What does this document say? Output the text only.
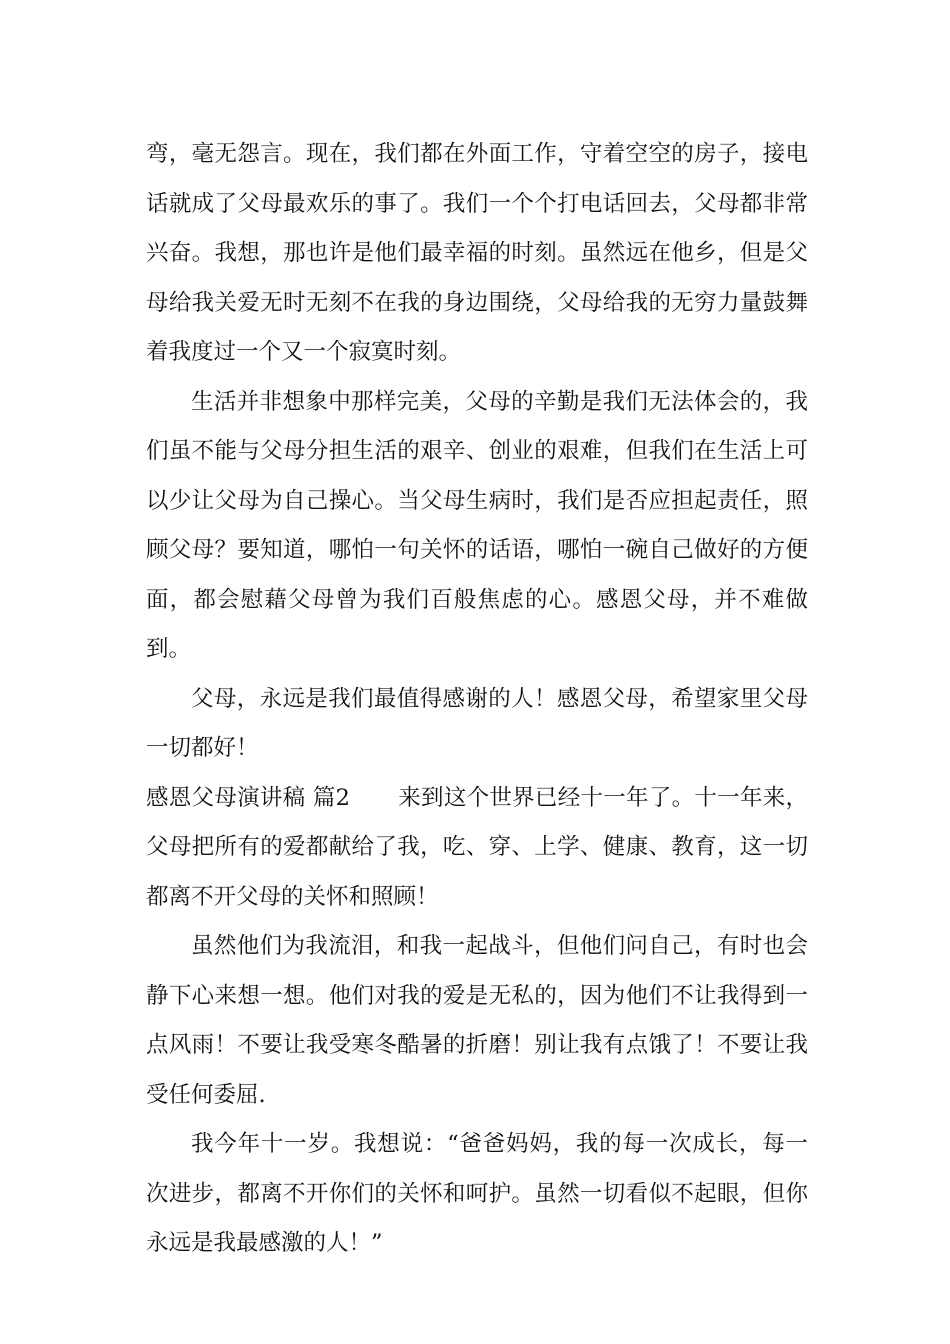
弯，毫无怨言。现在，我们都在外面工作，守着空空的房子，接电话就成了父母最欢乐的事了。我们一个个打电话回去，父母都非常兴奋。我想，那也许是他们最幸福的时刻。虽然远在他乡，但是父母给我关爱无时无刻不在我的身边围绕，父母给我的无穷力量鼓舞着我度过一个又一个寂寞时刻。

生活并非想象中那样完美，父母的辛勤是我们无法体会的，我们虽不能与父母分担生活的艰辛、创业的艰难，但我们在生活上可以少让父母为自己操心。当父母生病时，我们是否应担起责任，照顾父母？要知道，哪怕一句关怀的话语，哪怕一碗自己做好的方便面，都会慰藉父母曾为我们百般焦虑的心。感恩父母，并不难做到。

父母，永远是我们最值得感谢的人！感恩父母，希望家里父母一切都好！

感恩父母演讲稿 篇2 来到这个世界已经十一年了。十一年来，父母把所有的爱都献给了我，吃、穿、上学、健康、教育，这一切都离不开父母的关怀和照顾！

虽然他们为我流泪，和我一起战斗，但他们问自己，有时也会静下心来想一想。他们对我的爱是无私的，因为他们不让我得到一点风雨！不要让我受寒冬酷暑的折磨！别让我有点饿了！不要让我受任何委屈.

我今年十一岁。我想说：“爸爸妈妈，我的每一次成长，每一次进步，都离不开你们的关怀和呵护。虽然一切看似不起眼，但你永远是我最感激的人！”
